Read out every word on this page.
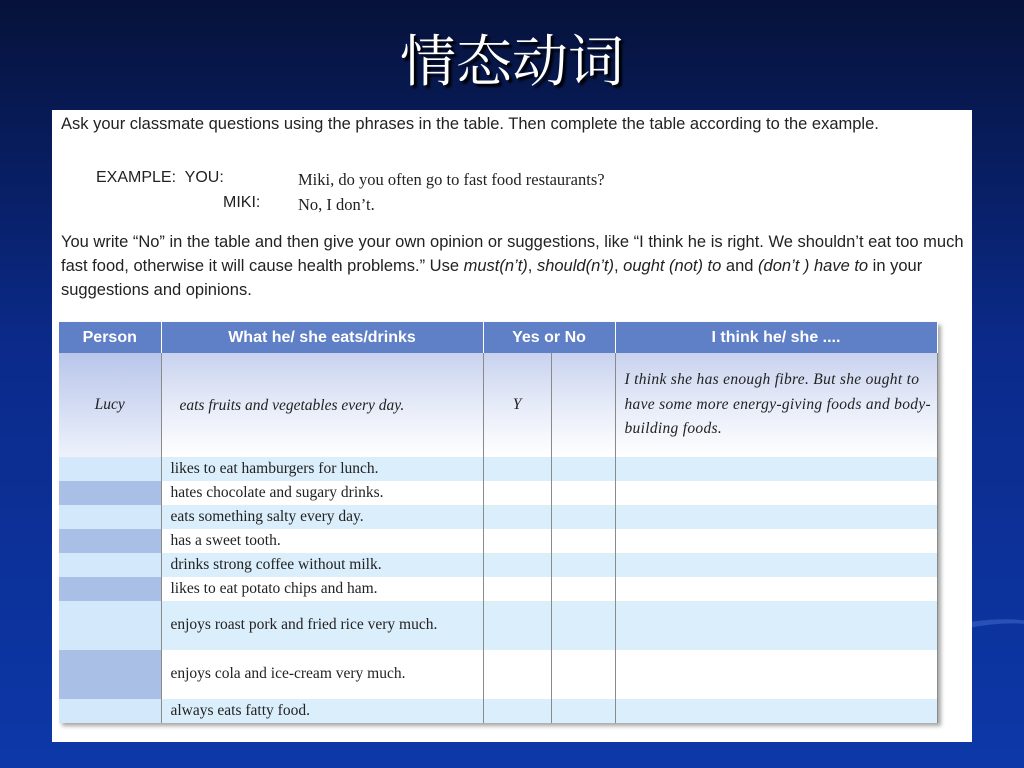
情态动词
Ask your classmate questions using the phrases in the table. Then complete the table according to the example.
EXAMPLE: YOU:	Miki, do you often go to fast food restaurants?
MIKI: No, I don’t.
You write “No” in the table and then give your own opinion or suggestions, like “I think he is right. We shouldn’t eat too much fast food, otherwise it will cause health problems.” Use must(n’t), should(n’t), ought (not) to and (don’t ) have to in your suggestions and opinions.
Person	What he/ she eats/drinks	Yes or No		I think he/ she ....
Lucy	eats fruits and vegetables every day.	Y		I think she has enough fibre. But she ought to have some more energy-giving foods and body-building foods.
	likes to eat hamburgers for lunch.			
	hates chocolate and sugary drinks.			
	eats something salty every day.			
	has a sweet tooth.			
	drinks strong coffee without milk.			
	likes to eat potato chips and ham.			
	enjoys roast pork and fried rice very much.			
	enjoys cola and ice-cream very much.			
	always eats fatty food.			
